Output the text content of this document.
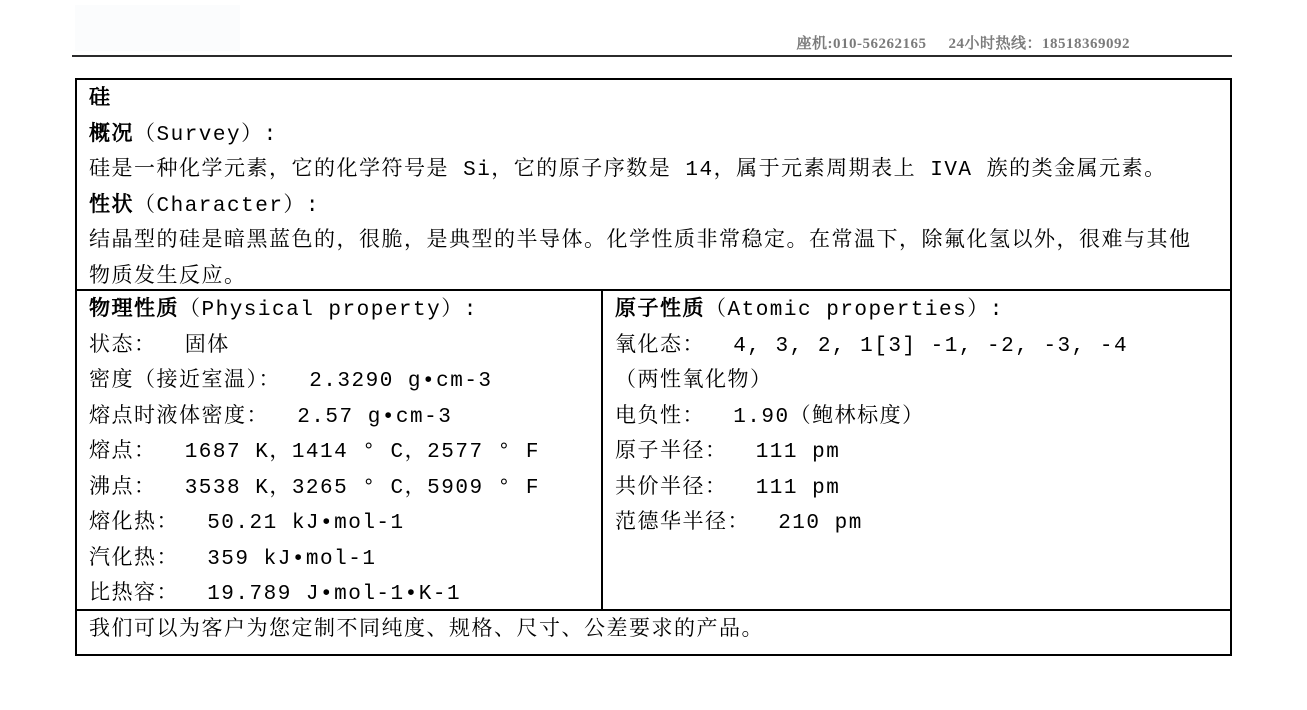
座机:010-56262165 24小时热线：18518369092
硅
概况（Survey）:
硅是一种化学元素，它的化学符号是 Si，它的原子序数是 14，属于元素周期表上 IVA 族的类金属元素。
性状（Character）:
结晶型的硅是暗黑蓝色的，很脆，是典型的半导体。化学性质非常稳定。在常温下，除氟化氢以外，很难与其他物质发生反应。
物理性质（Physical property）:
状态：  固体
密度（接近室温）：  2.3290 g•cm-3
熔点时液体密度：  2.57 g•cm-3
熔点：  1687 K，1414 ° C，2577 ° F
沸点：  3538 K，3265 ° C，5909 ° F
熔化热：  50.21 kJ•mol-1
汽化热：  359 kJ•mol-1
比热容：  19.789 J•mol-1•K-1
原子性质（Atomic properties）:
氧化态：  4, 3, 2, 1[3] -1, -2, -3, -4
（两性氧化物）
电负性：  1.90（鲍林标度）
原子半径：  111 pm
共价半径：  111 pm
范德华半径：  210 pm
我们可以为客户为您定制不同纯度、规格、尺寸、公差要求的产品。
